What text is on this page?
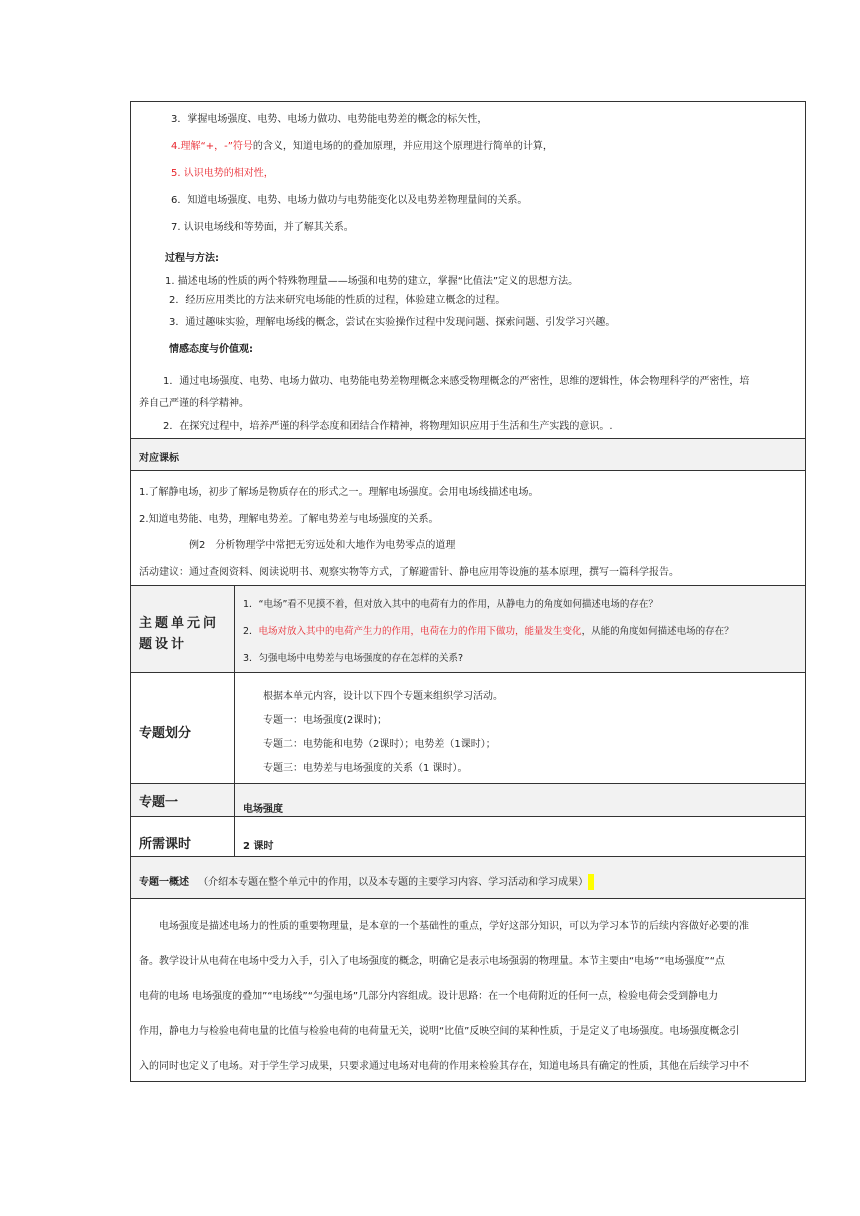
3．掌握电场强度、电势、电场力做功、电势能电势差的概念的标矢性，
4.理解“+，-”符号的含义，知道电场的的叠加原理，并应用这个原理进行简单的计算，
5. 认识电势的相对性，
6．知道电场强度、电势、电场力做功与电势能变化以及电势差物理量间的关系。
7. 认识电场线和等势面，并了解其关系。
过程与方法:
1. 描述电场的性质的两个特殊物理量——场强和电势的建立，掌握“比值法”定义的思想方法。
2．经历应用类比的方法来研究电场能的性质的过程，体验建立概念的过程。
3．通过趣味实验，理解电场线的概念，尝试在实验操作过程中发现问题、探索问题、引发学习兴趣。
情感态度与价值观:
1．通过电场强度、电势、电场力做功、电势能电势差物理概念来感受物理概念的严密性，思维的逻辑性，体会物理科学的严密性，培
养自己严谨的科学精神。
2．在探究过程中，培养严谨的科学态度和团结合作精神，将物理知识应用于生活和生产实践的意识。.
对应课标
1.了解静电场，初步了解场是物质存在的形式之一。理解电场强度。会用电场线描述电场。
2.知道电势能、电势，理解电势差。了解电势差与电场强度的关系。
例2　分析物理学中常把无穷远处和大地作为电势零点的道理
活动建议：通过查阅资料、阅读说明书、观察实物等方式，了解避雷针、静电应用等设施的基本原理，撰写一篇科学报告。
主题单元问题设计
1．“电场”看不见摸不着，但对放入其中的电荷有力的作用，从静电力的角度如何描述电场的存在？
2．电场对放入其中的电荷产生力的作用，电荷在力的作用下做功，能量发生变化，从能的角度如何描述电场的存在？
3．匀强电场中电势差与电场强度的存在怎样的关系?
专题划分
根据本单元内容，设计以下四个专题来组织学习活动。
专题一：电场强度(2课时)；
专题二：电势能和电势（2课时）；电势差（1课时）；
专题三：电势差与电场强度的关系（1 课时）。
专题一	电场强度
所需课时	2 课时
专题一概述 （介绍本专题在整个单元中的作用，以及本专题的主要学习内容、学习活动和学习成果）
电场强度是描述电场力的性质的重要物理量，是本章的一个基础性的重点，学好这部分知识，可以为学习本节的后续内容做好必要的准
备。教学设计从电荷在电场中受力入手，引入了电场强度的概念，明确它是表示电场强弱的物理量。本节主要由“电场”“电场强度”“点
电荷的电场 电场强度的叠加”“电场线”“匀强电场”几部分内容组成。设计思路：在一个电荷附近的任何一点，检验电荷会受到静电力
作用，静电力与检验电荷电量的比值与检验电荷的电荷量无关，说明“比值”反映空间的某种性质，于是定义了电场强度。电场强度概念引
入的同时也定义了电场。对于学生学习成果，只要求通过电场对电荷的作用来检验其存在，知道电场具有确定的性质，其他在后续学习中不
